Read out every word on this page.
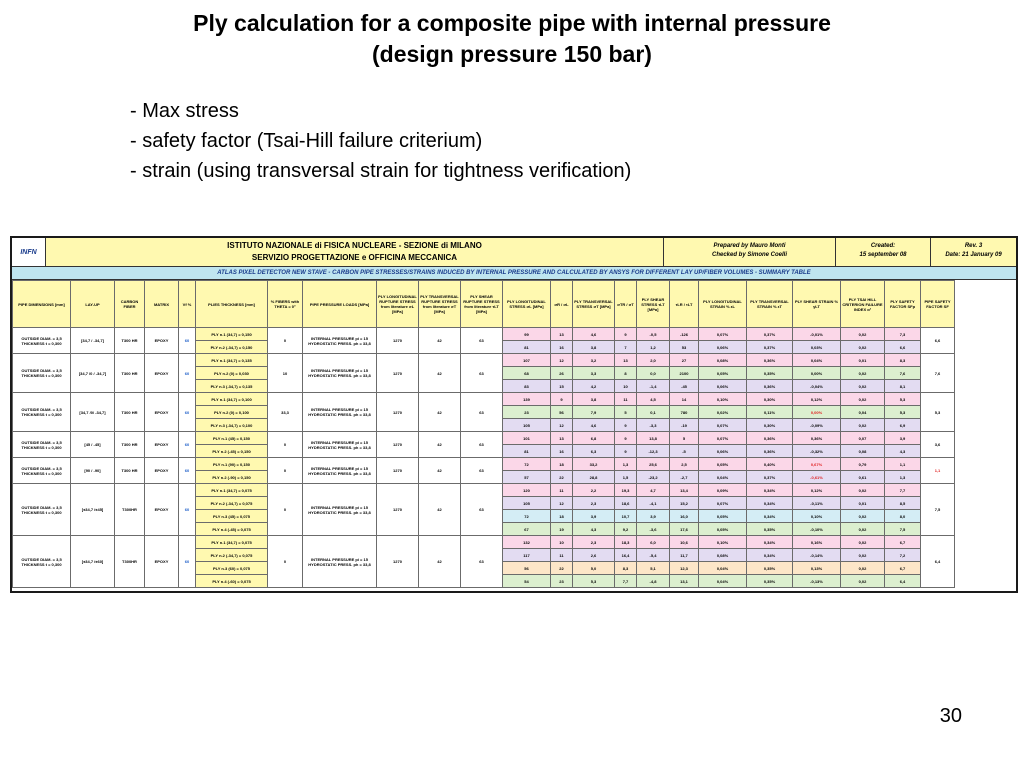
Ply calculation for a composite pipe with internal pressure
(design pressure 150 bar)
- Max stress
- safety factor (Tsai-Hill failure criterium)
- strain (using transversal strain for tightness verification)
INFN
ISTITUTO NAZIONALE di FISICA NUCLEARE - SEZIONE di MILANO
SERVIZIO PROGETTAZIONE e OFFICINA MECCANICA
Prepared by Mauro Monti
Checked by Simone Coelli
Created:
15 september 08
Rev. 3
Date: 21 January 09
ATLAS PIXEL DETECTOR NEW STAVE - CARBON PIPE STRESSES/STRAINS INDUCED BY INTERNAL PRESSURE AND CALCULATED BY ANSYS FOR DIFFERENT LAY UP/FIBER VOLUMES - SUMMARY TABLE
PIPE DIMENSIONS [mm]	LAY-UP	CARBON FIBER	MATRIX	Vf %	PLIES THICKNESS [mm]	% FIBERS with THETA = 0°	PIPE PRESSURE LOADS [MPa]	PLY LONGITUDINAL RUPTURE STRESS from literature σL [MPa]	PLY TRANSVERSAL RUPTURE STRESS from literature σT [MPa]	PLY SHEAR RUPTURE STRESS from literature τLT [MPa]	PLY LONGITUDINAL STRESS σL [MPa]	σR / σL	PLY TRANSVERSAL STRESS σT [MPa]	σTR / σT	PLY SHEAR STRESS τLT [MPa]	τLR / τLT	PLY LONGITUDINAL STRAIN % εL	PLY TRANSVERSAL STRAIN % εT	PLY SHEAR STRAIN % γLT	PLY TSAI HILL CRITERION FAILURE INDEX α²	PLY SAFETY FACTOR SFp	PIPE SAFETY FACTOR SF
OUTSIDE DIAM. = 3,5 THICKNESS t = 0,300	[34,7 / -34,7]	T300 HR	EPOXY	60	PLY n.1 (34,7) = 0,150	0	INTERNAL PRESSURE pi = 15 HYDROSTATIC PRESS. ph = 33,8	1270	42	63	99	13	4,6	9	-0,5	-126	0,07%	0,37%	-0,01%	0,02	7,3	6,6
					PLY n.2 (-34,7) = 0,150						81	16	3,8	7	1,2	53	0,06%	0,37%	0,03%	0,02	6,6	
OUTSIDE DIAM. = 3,5 THICKNESS t = 0,300	[34,7 /0 / -34,7]	T300 HR	EPOXY	60	PLY n.1 (34,7) = 0,135	10	INTERNAL PRESSURE pi = 15 HYDROSTATIC PRESS. ph = 33,8	1270	42	63	107	12	3,2	13	2,0	27	0,08%	0,36%	0,04%	0,01	8,3	7,6
					PLY n.2 (0) = 0,030						68	26	3,3	8	0,0	2100	0,05%	0,35%	0,00%	0,02	7,6	
					PLY n.3 (-34,7) = 0,135						83	15	4,2	10	-1,4	-45	0,06%	0,36%	-0,04%	0,02	8,1	
OUTSIDE DIAM. = 3,5 THICKNESS t = 0,300	[34,7 /0/ -34,7]	T300 HR	EPOXY	60	PLY n.1 (34,7) = 0,100	33,3	INTERNAL PRESSURE pi = 15 HYDROSTATIC PRESS. ph = 33,8	1270	42	63	139	9	3,8	11	4,5	14	0,10%	0,30%	0,12%	0,02	5,3	5,3
					PLY n.2 (0) = 0,100						23	56	7,9	5	0,1	780	0,02%	0,11%	0,00%	0,04	5,3	
					PLY n.3 (-34,7) = 0,100						105	12	4,6	9	-3,3	-19	0,07%	0,30%	-0,09%	0,02	6,9	
OUTSIDE DIAM. = 3,5 THICKNESS t = 0,300	[45 / -45]	T300 HR	EPOXY	60	PLY n.1 (45) = 0,150	0	INTERNAL PRESSURE pi = 15 HYDROSTATIC PRESS. ph = 33,8	1270	42	63	101	13	6,8	9	13,8	5	0,07%	0,36%	0,36%	0,07	3,9	3,6
					PLY n.2 (-45) = 0,150						81	16	6,3	9	-12,3	-5	0,06%	0,36%	-0,32%	0,08	4,3	
OUTSIDE DIAM. = 3,5 THICKNESS t = 0,300	[90 / -90]	T300 HR	EPOXY	60	PLY n.1 (90) = 0,150	0	INTERNAL PRESSURE pi = 15 HYDROSTATIC PRESS. ph = 33,8	1270	42	63	72	18	33,2	1,3	25,6	2,5	0,05%	0,40%	0,67%	0,79	1,1	1,1
					PLY n.2 (-90) = 0,150						57	22	28,8	1,5	-23,2	-2,7	0,04%	0,37%	-0,61%	0,61	1,3	
OUTSIDE DIAM. = 3,5 THICKNESS t = 0,300	[±34,7 /±45]	T300HR	EPOXY	60	PLY n.1 (34,7) = 0,075	0	INTERNAL PRESSURE pi = 15 HYDROSTATIC PRESS. ph = 33,8	1270	42	63	120	11	2,2	19,3	4,7	13,4	0,09%	0,34%	0,12%	0,02	7,7	7,5
					PLY n.2 (-34,7) = 0,075						105	12	2,3	18,6	-4,1	15,2	0,07%	0,34%	-0,11%	0,01	8,5	
					PLY n.3 (45) = 0,075						72	18	3,9	10,7	3,9	16,0	0,05%	0,34%	0,10%	0,02	8,0	
					PLY n.4 (-45) = 0,075						67	19	4,3	9,2	-3,6	17,6	0,05%	0,35%	-0,10%	0,02	7,5	
OUTSIDE DIAM. = 3,5 THICKNESS t = 0,300	[±34,7 /±60]	T300HR	EPOXY	60	PLY n.1 (34,7) = 0,075	0	INTERNAL PRESSURE pi = 15 HYDROSTATIC PRESS. ph = 33,8	1270	42	63	132	10	2,3	18,3	6,0	10,6	0,10%	0,34%	0,16%	0,02	6,7	6,4
					PLY n.2 (-34,7) = 0,075						117	11	2,6	16,4	-5,4	11,7	0,08%	0,34%	-0,14%	0,02	7,2	
					PLY n.3 (60) = 0,075						56	22	5,0	8,3	5,1	12,3	0,04%	0,35%	0,13%	0,02	6,7	
					PLY n.4 (-60) = 0,075						54	23	5,3	7,7	-4,8	13,1	0,04%	0,35%	-0,13%	0,02	6,4	
30
